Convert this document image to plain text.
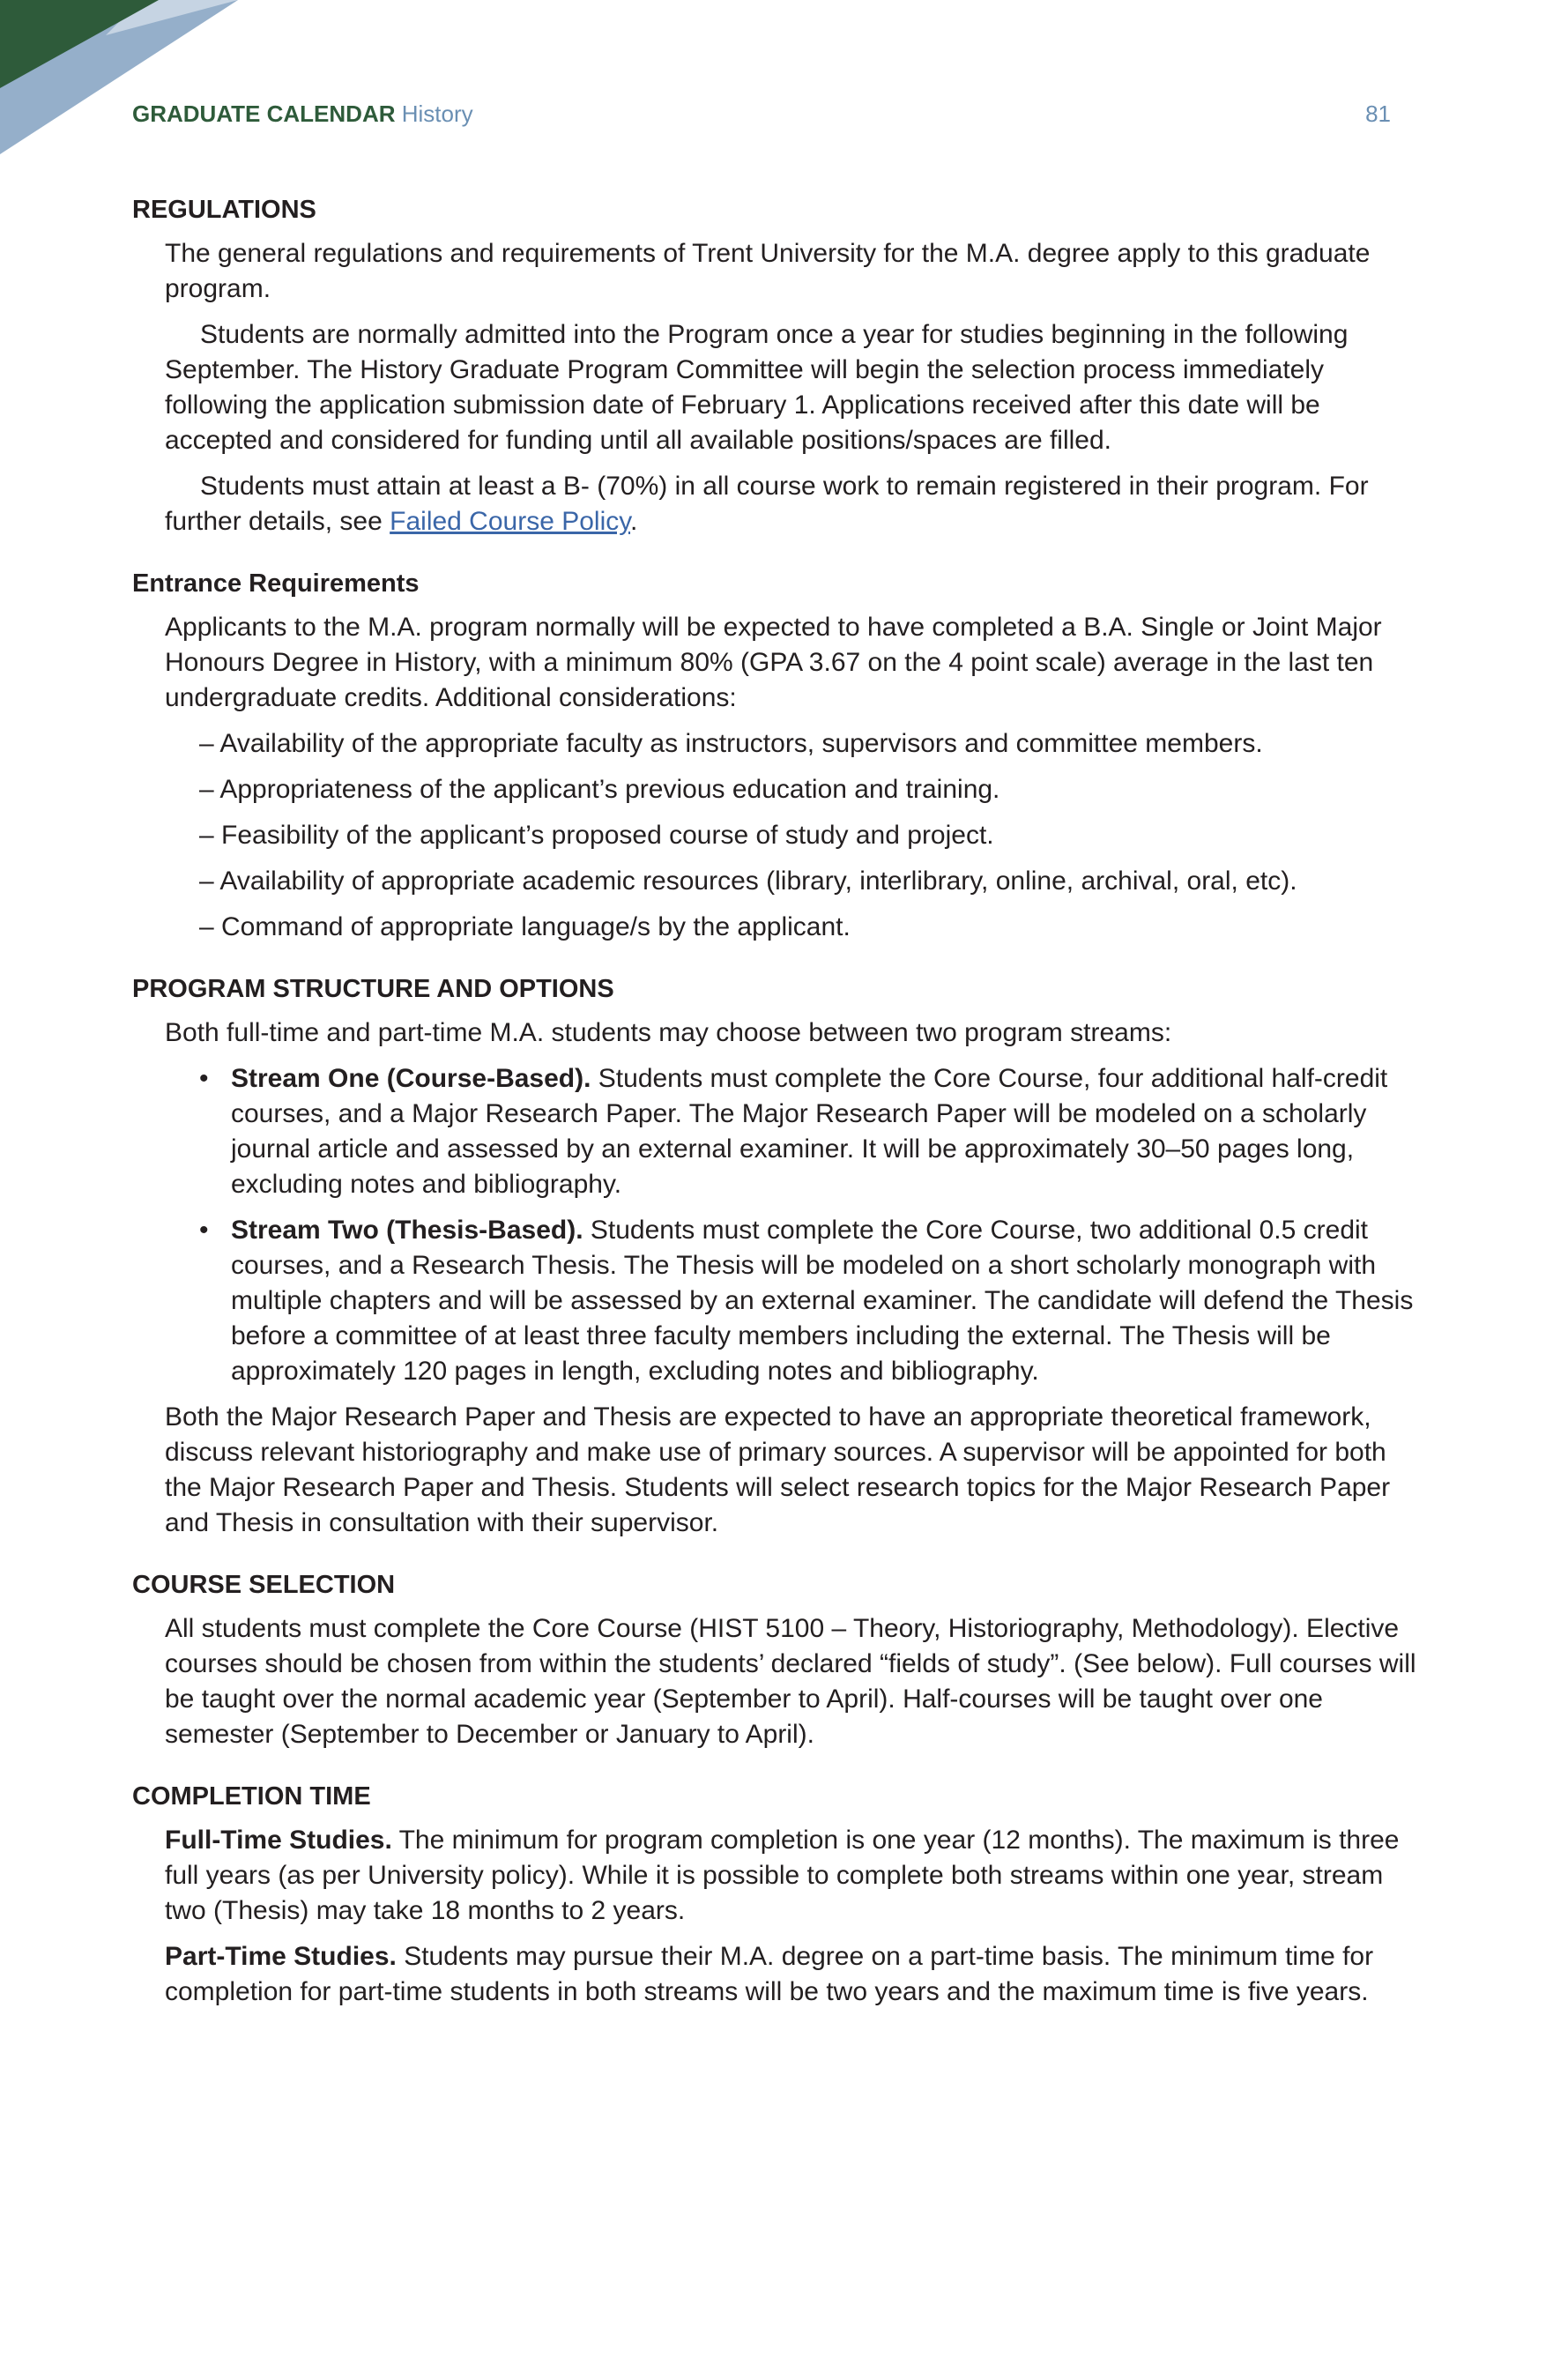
GRADUATE CALENDAR History	81
REGULATIONS

The general regulations and requirements of Trent University for the M.A. degree apply to this graduate program.

Students are normally admitted into the Program once a year for studies beginning in the following September. The History Graduate Program Committee will begin the selection process immediately following the application submission date of February 1. Applications received after this date will be accepted and considered for funding until all available positions/spaces are filled.

Students must attain at least a B- (70%) in all course work to remain registered in their program. For further details, see Failed Course Policy.

Entrance Requirements

Applicants to the M.A. program normally will be expected to have completed a B.A. Single or Joint Major Honours Degree in History, with a minimum 80% (GPA 3.67 on the 4 point scale) average in the last ten undergraduate credits. Additional considerations:

– Availability of the appropriate faculty as instructors, supervisors and committee members.
– Appropriateness of the applicant’s previous education and training.
– Feasibility of the applicant’s proposed course of study and project.
– Availability of appropriate academic resources (library, interlibrary, online, archival, oral, etc).
– Command of appropriate language/s by the applicant.
PROGRAM STRUCTURE AND OPTIONS

Both full-time and part-time M.A. students may choose between two program streams:

• Stream One (Course-Based). Students must complete the Core Course, four additional half-credit courses, and a Major Research Paper. The Major Research Paper will be modeled on a scholarly journal article and assessed by an external examiner. It will be approximately 30–50 pages long, excluding notes and bibliography.
• Stream Two (Thesis-Based). Students must complete the Core Course, two additional 0.5 credit courses, and a Research Thesis. The Thesis will be modeled on a short scholarly monograph with multiple chapters and will be assessed by an external examiner. The candidate will defend the Thesis before a committee of at least three faculty members including the external. The Thesis will be approximately 120 pages in length, excluding notes and bibliography.

Both the Major Research Paper and Thesis are expected to have an appropriate theoretical framework, discuss relevant historiography and make use of primary sources. A supervisor will be appointed for both the Major Research Paper and Thesis. Students will select research topics for the Major Research Paper and Thesis in consultation with their supervisor.

COURSE SELECTION

All students must complete the Core Course (HIST 5100 – Theory, Historiography, Methodology). Elective courses should be chosen from within the students’ declared “fields of study”. (See below). Full courses will be taught over the normal academic year (September to April). Half-courses will be taught over one semester (September to December or January to April).

COMPLETION TIME

Full-Time Studies. The minimum for program completion is one year (12 months). The maximum is three full years (as per University policy). While it is possible to complete both streams within one year, stream two (Thesis) may take 18 months to 2 years.

Part-Time Studies. Students may pursue their M.A. degree on a part-time basis. The minimum time for completion for part-time students in both streams will be two years and the maximum time is five years.
